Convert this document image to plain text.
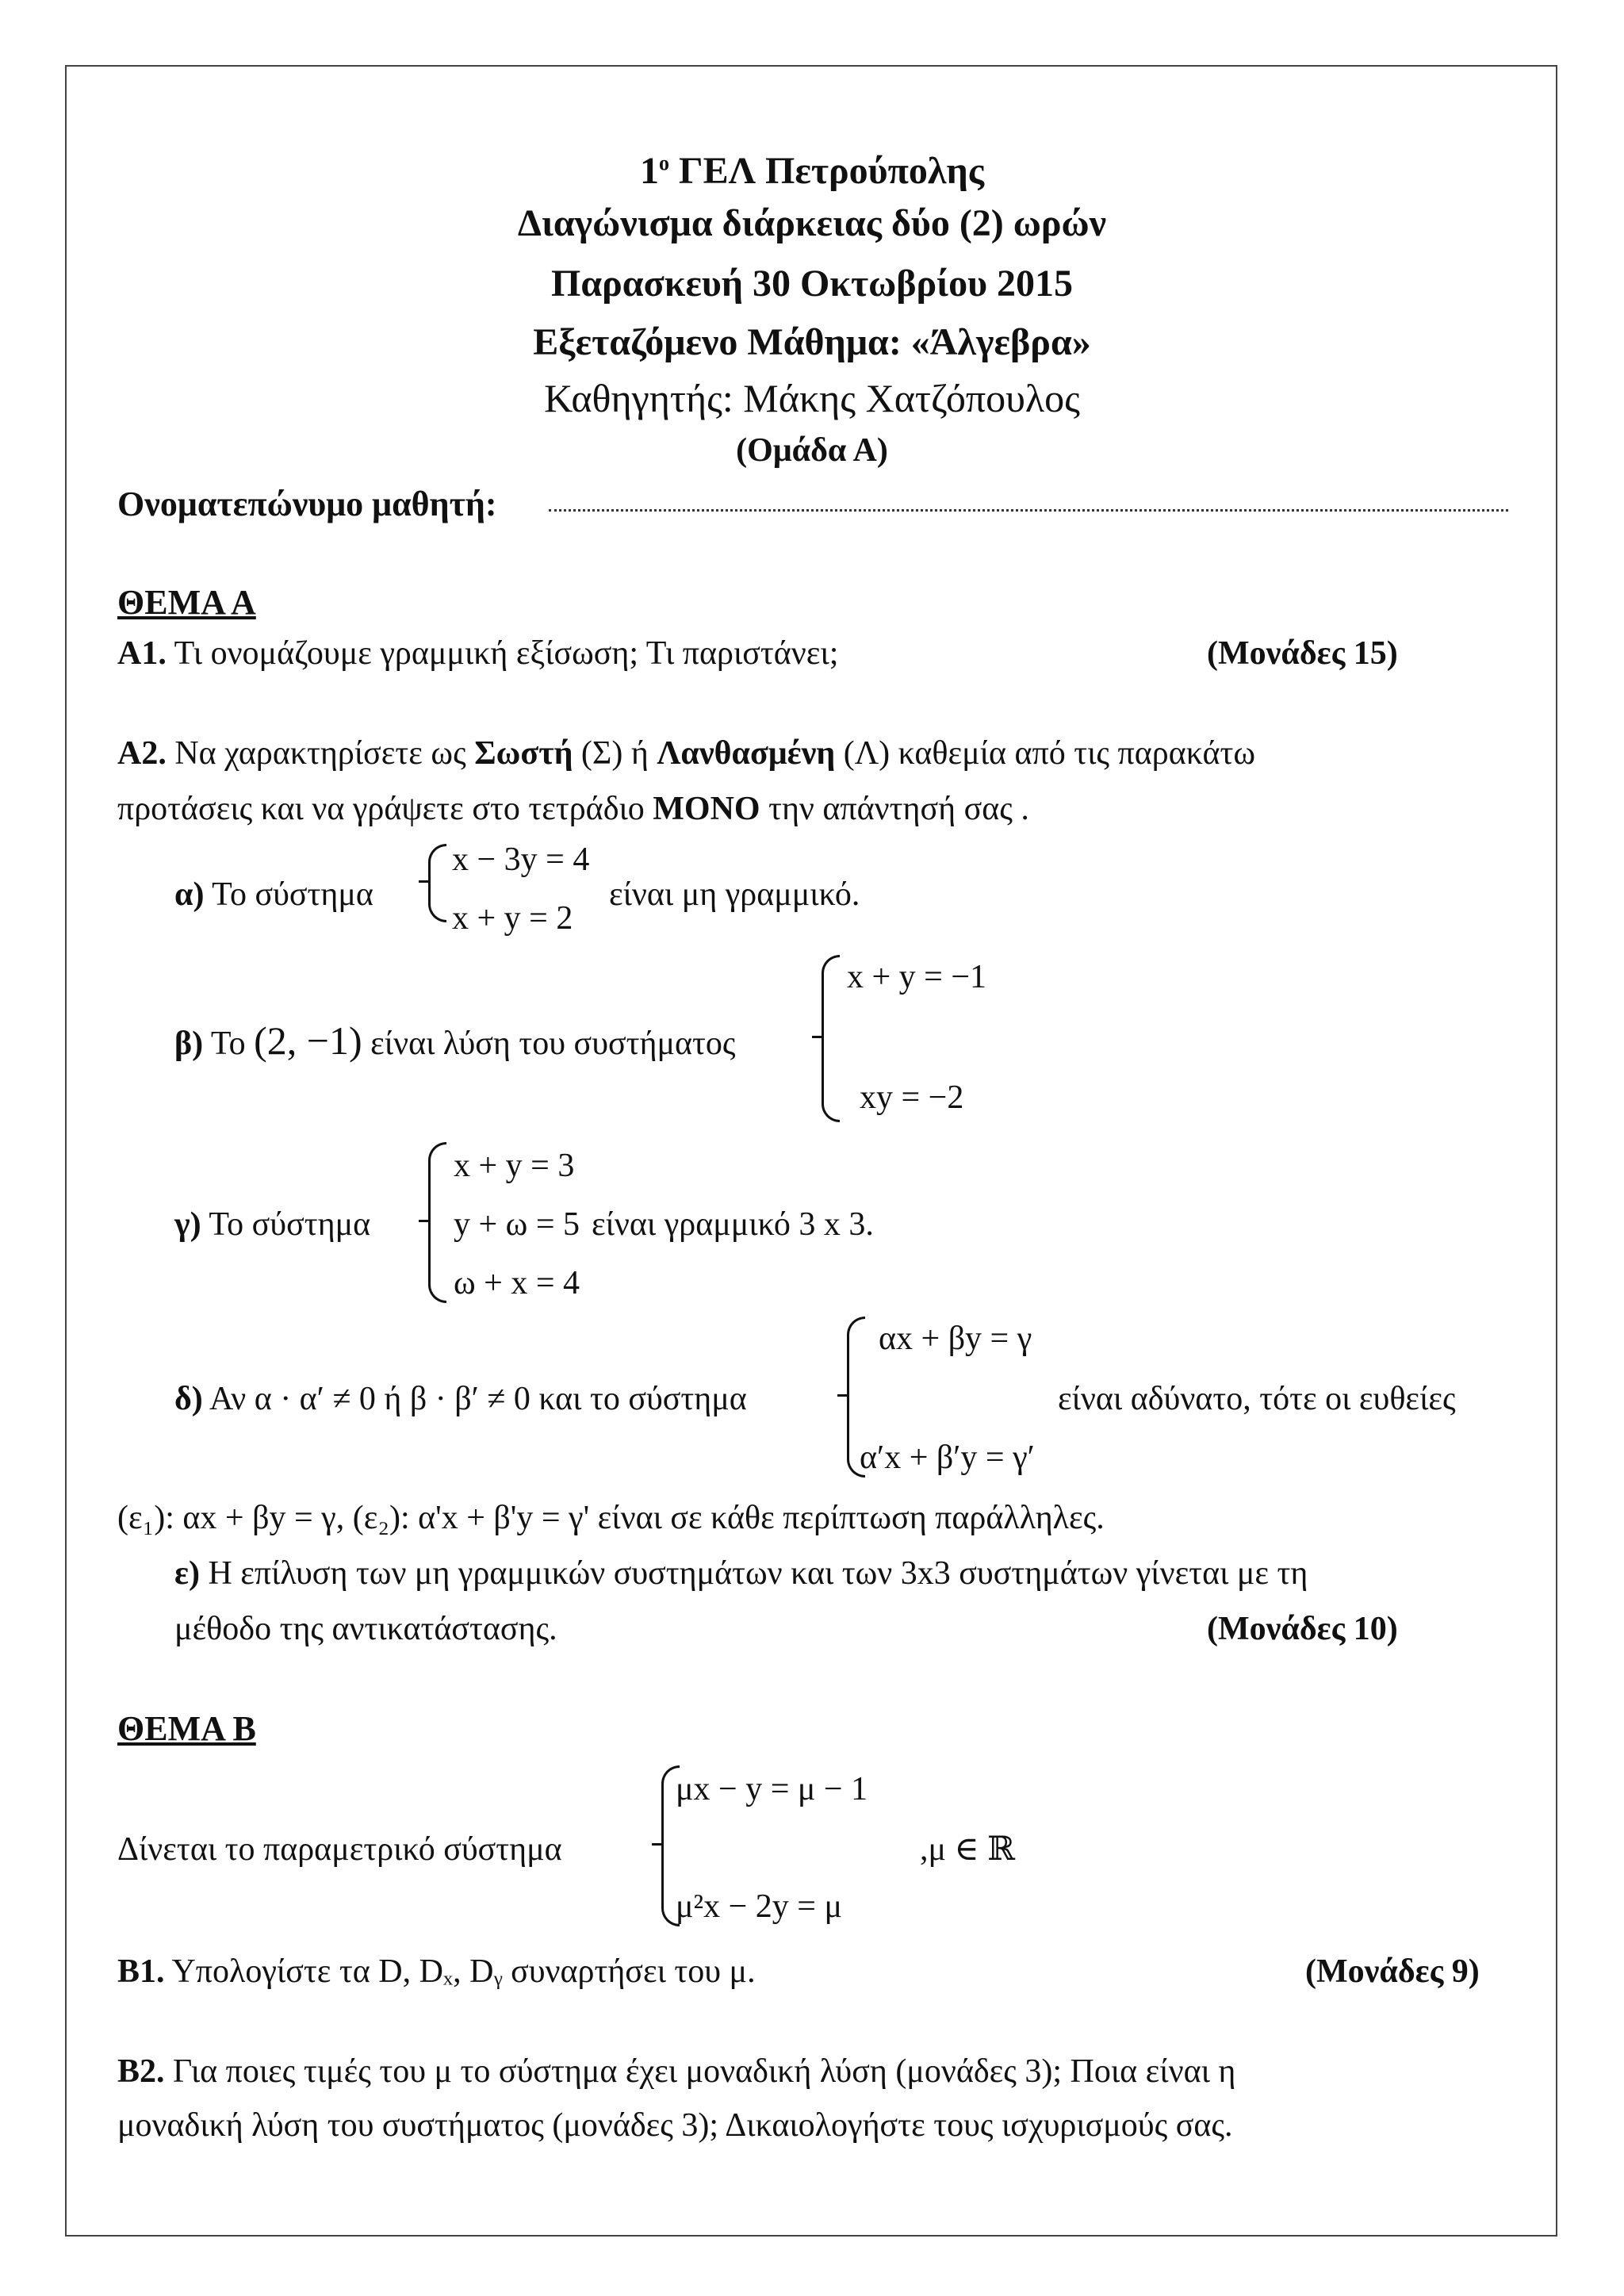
$1^o$ ΓΕΛ Πετρούπολης
Διαγώνισμα διάρκειας δύο (2) ωρών
Παρασκευή 30 Οκτωβρίου 2015
Εξεταζόμενο Μάθημα: «Άλγεβρα»
Καθηγητής: Μάκης Χατζόπουλος
(Ομάδα Α)
Ονοματεπώνυμο μαθητή:
ΘΕΜΑ Α
Α1. Τι ονομάζουμε γραμμική εξίσωση; Τι παριστάνει;	(Μονάδες 15)
Α2. Να χαρακτηρίσετε ως Σωστή (Σ) ή Λανθασμένη (Λ) καθεμία από τις παρακάτω
προτάσεις και να γράψετε στο τετράδιο ΜΟΝΟ την απάντησή σας .
α) Το σύστημα
x − 3y = 4
x + y = 2
είναι μη γραμμικό.
β) Το (2, −1) είναι λύση του συστήματος
x + y = −1
xy = −2
γ) Το σύστημα
x + y = 3
y + ω = 5
ω + x = 4
είναι γραμμικό 3 x 3.
δ) Αν α · α′ ≠ 0 ή β · β′ ≠ 0 και το σύστημα
αx + βy = γ
α′x + β′y = γ′
είναι αδύνατο, τότε οι ευθείες
(ε₁): αx + βy = γ, (ε₂): α'x + β'y = γ' είναι σε κάθε περίπτωση παράλληλες.
ε) Η επίλυση των μη γραμμικών συστημάτων και των 3x3 συστημάτων γίνεται με τη
μέθοδο της αντικατάστασης.	(Μονάδες 10)
ΘΕΜΑ Β
Δίνεται το παραμετρικό σύστημα
μx − y = μ − 1
μ²x − 2y = μ
,μ ∈ ℝ
Β1. Υπολογίστε τα D, Dₓ, Dᵧ συναρτήσει του μ.	(Μονάδες 9)
Β2. Για ποιες τιμές του μ το σύστημα έχει μοναδική λύση (μονάδες 3); Ποια είναι η
μοναδική λύση του συστήματος (μονάδες 3); Δικαιολογήστε τους ισχυρισμούς σας.
